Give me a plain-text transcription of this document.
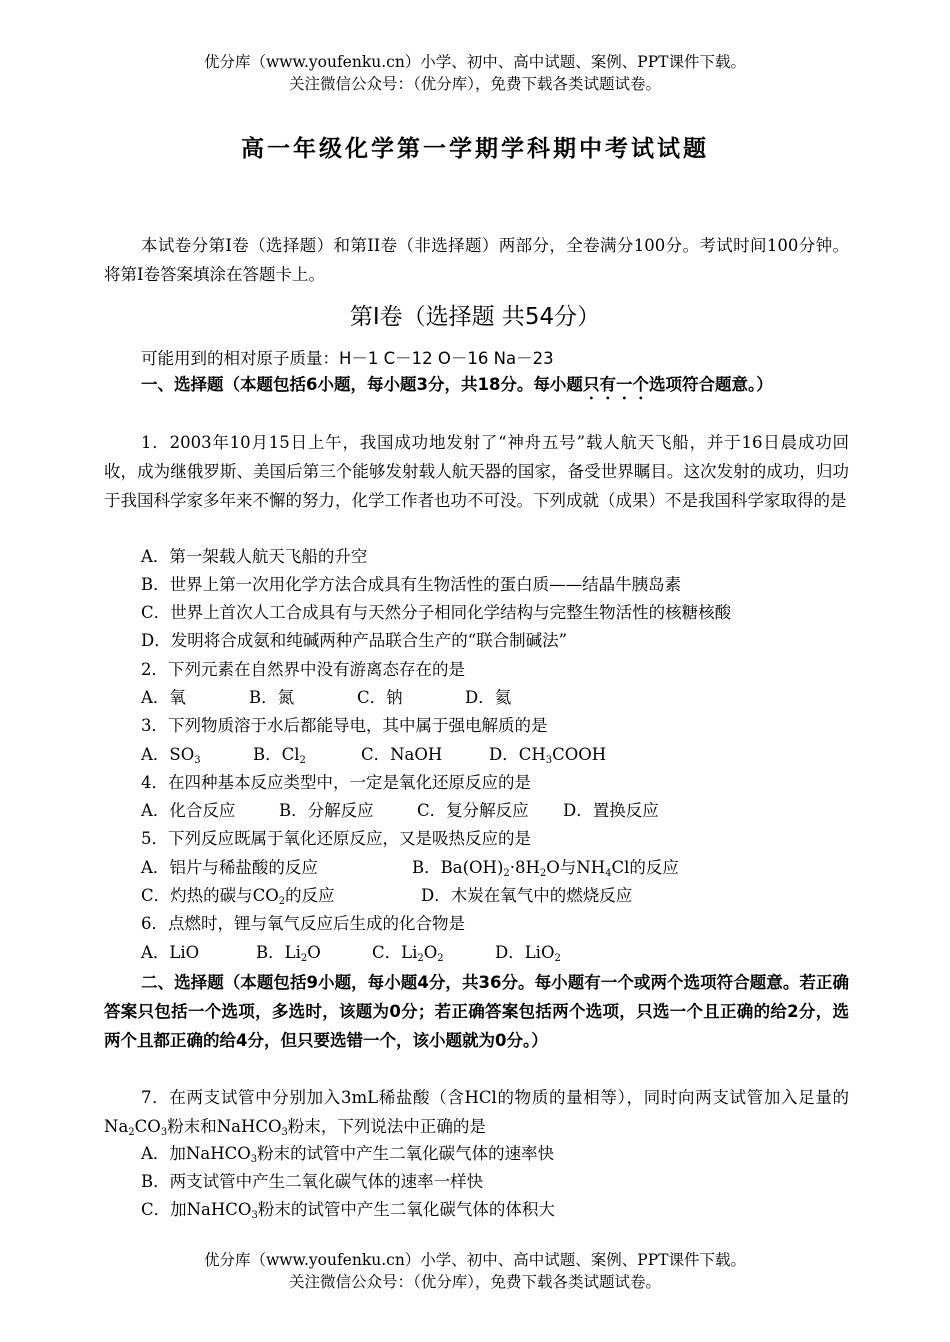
优分库（www.youfenku.cn）小学、初中、高中试题、案例、PPT课件下载。
关注微信公众号：（优分库），免费下载各类试题试卷。
高一年级化学第一学期学科期中考试试题
本试卷分第I卷（选择题）和第II卷（非选择题）两部分，全卷满分100分。考试时间100分钟。将第I卷答案填涂在答题卡上。
第Ⅰ卷（选择题 共54分）
可能用到的相对原子质量：H－1 C－12 O－16 Na－23
一、选择题（本题包括6小题，每小题3分，共18分。每小题只有一个选项符合题意。）
1．2003年10月15日上午，我国成功地发射了“神舟五号”载人航天飞船，并于16日晨成功回收，成为继俄罗斯、美国后第三个能够发射载人航天器的国家，备受世界瞩目。这次发射的成功，归功于我国科学家多年来不懈的努力，化学工作者也功不可没。下列成就（成果）不是我国科学家取得的是
A．第一架载人航天飞船的升空
B．世界上第一次用化学方法合成具有生物活性的蛋白质——结晶牛胰岛素
C．世界上首次人工合成具有与天然分子相同化学结构与完整生物活性的核糖核酸
D．发明将合成氨和纯碱两种产品联合生产的“联合制碱法”
2．下列元素在自然界中没有游离态存在的是
A．氧	B．氮	C．钠	D．氦
3．下列物质溶于水后都能导电，其中属于强电解质的是
A．$SO_3$	B．$Cl_2$	C．NaOH	D．$CH_3COOH$
4．在四种基本反应类型中，一定是氧化还原反应的是
A．化合反应	B．分解反应	C．复分解反应	D．置换反应
5．下列反应既属于氧化还原反应，又是吸热反应的是
A．铝片与稀盐酸的反应	B．$Ba(OH)_2\cdot 8H_2O$与$NH_4Cl$的反应
C．灼热的碳与$CO_2$的反应	D．木炭在氧气中的燃烧反应
6．点燃时，锂与氧气反应后生成的化合物是
A．LiO	B．$Li_2O$	C．$Li_2O_2$	D．LiO$_2$
二、选择题（本题包括9小题，每小题4分，共36分。每小题有一个或两个选项符合题意。若正确答案只包括一个选项，多选时，该题为0分；若正确答案包括两个选项，只选一个且正确的给2分，选两个且都正确的给4分，但只要选错一个，该小题就为0分。）
7．在两支试管中分别加入3mL稀盐酸（含HCl的物质的量相等），同时向两支试管加入足量的$Na_2CO_3$粉末和NaHCO$_3$粉末，下列说法中正确的是
A．加NaHCO$_3$粉末的试管中产生二氧化碳气体的速率快
B．两支试管中产生二氧化碳气体的速率一样快
C．加NaHCO$_3$粉末的试管中产生二氧化碳气体的体积大
优分库（www.youfenku.cn）小学、初中、高中试题、案例、PPT课件下载。
关注微信公众号：（优分库），免费下载各类试题试卷。
